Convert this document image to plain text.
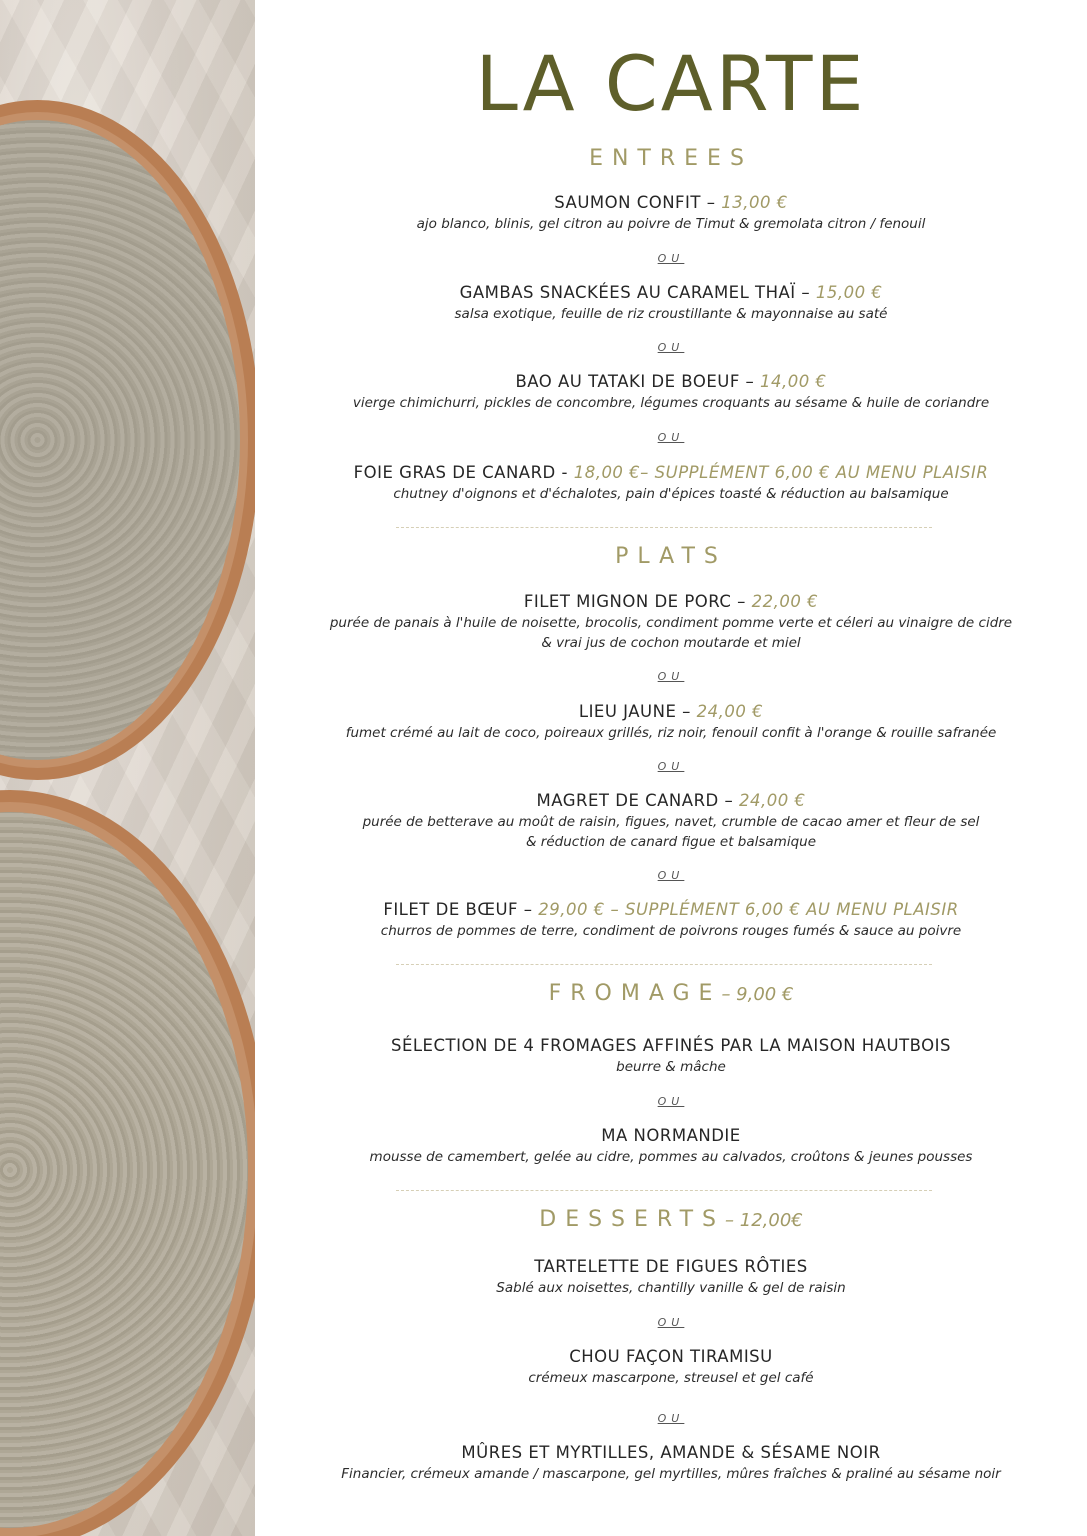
LA CARTE
ENTREES
SAUMON CONFIT – 13,00 €
ajo blanco, blinis, gel citron au poivre de Timut & gremolata citron / fenouil
OU
GAMBAS SNACKÉES AU CARAMEL THAÏ – 15,00 €
salsa exotique, feuille de riz croustillante & mayonnaise au saté
OU
BAO AU TATAKI DE BOEUF – 14,00 €
vierge chimichurri, pickles de concombre, légumes croquants au sésame & huile de coriandre
OU
FOIE GRAS DE CANARD - 18,00 €– SUPPLÉMENT 6,00 € AU MENU PLAISIR
chutney d'oignons et d'échalotes, pain d'épices toasté & réduction au balsamique
PLATS
FILET MIGNON DE PORC – 22,00 €
purée de panais à l'huile de noisette, brocolis, condiment pomme verte et céleri au vinaigre de cidre
& vrai jus de cochon moutarde et miel
OU
LIEU JAUNE – 24,00 €
fumet crémé au lait de coco, poireaux grillés, riz noir, fenouil confit à l'orange & rouille safranée
OU
MAGRET DE CANARD – 24,00 €
purée de betterave au moût de raisin, figues, navet, crumble de cacao amer et fleur de sel
& réduction de canard figue et balsamique
OU
FILET DE BŒUF – 29,00 € – SUPPLÉMENT 6,00 € AU MENU PLAISIR
churros de pommes de terre, condiment de poivrons rouges fumés & sauce au poivre
FROMAGE– 9,00 €
SÉLECTION DE 4 FROMAGES AFFINÉS PAR LA MAISON HAUTBOIS
beurre & mâche
OU
MA NORMANDIE
mousse de camembert, gelée au cidre, pommes au calvados, croûtons & jeunes pousses
DESSERTS– 12,00€
TARTELETTE DE FIGUES RÔTIES
Sablé aux noisettes, chantilly vanille & gel de raisin
OU
CHOU FAÇON TIRAMISU
crémeux mascarpone, streusel et gel café
OU
MÛRES ET MYRTILLES, AMANDE & SÉSAME NOIR
Financier, crémeux amande / mascarpone, gel myrtilles, mûres fraîches & praliné au sésame noir
